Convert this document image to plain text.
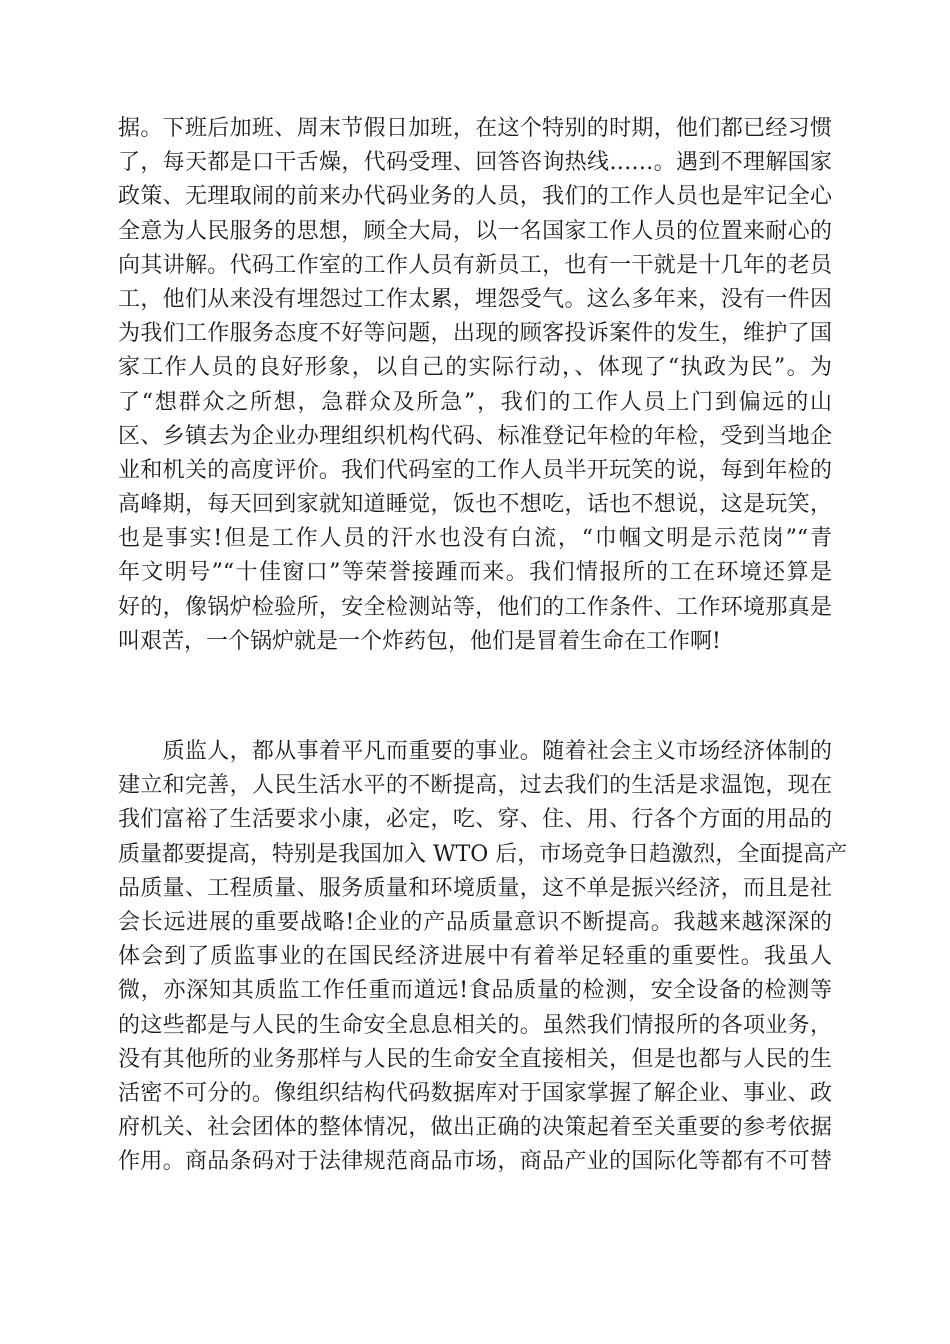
据。下班后加班、周末节假日加班，在这个特别的时期，他们都已经习惯
了，每天都是口干舌燥，代码受理、回答咨询热线……。遇到不理解国家
政策、无理取闹的前来办代码业务的人员，我们的工作人员也是牢记全心
全意为人民服务的思想，顾全大局，以一名国家工作人员的位置来耐心的
向其讲解。代码工作室的工作人员有新员工，也有一干就是十几年的老员
工，他们从来没有埋怨过工作太累，埋怨受气。这么多年来，没有一件因
为我们工作服务态度不好等问题，出现的顾客投诉案件的发生，维护了国
家工作人员的良好形象，以自己的实际行动，、体现了“执政为民”。为
了“想群众之所想，急群众及所急”，我们的工作人员上门到偏远的山
区、乡镇去为企业办理组织机构代码、标准登记年检的年检，受到当地企
业和机关的高度评价。我们代码室的工作人员半开玩笑的说，每到年检的
高峰期，每天回到家就知道睡觉，饭也不想吃，话也不想说，这是玩笑，
也是事实!但是工作人员的汗水也没有白流，“巾帼文明是示范岗”“青
年文明号”“十佳窗口”等荣誉接踵而来。我们情报所的工在环境还算是
好的，像锅炉检验所，安全检测站等，他们的工作条件、工作环境那真是
叫艰苦，一个锅炉就是一个炸药包，他们是冒着生命在工作啊!
　　质监人，都从事着平凡而重要的事业。随着社会主义市场经济体制的
建立和完善，人民生活水平的不断提高，过去我们的生活是求温饱，现在
我们富裕了生活要求小康，必定，吃、穿、住、用、行各个方面的用品的
质量都要提高，特别是我国加入 WTO 后，市场竞争日趋激烈，全面提高产
品质量、工程质量、服务质量和环境质量，这不单是振兴经济，而且是社
会长远进展的重要战略!企业的产品质量意识不断提高。我越来越深深的
体会到了质监事业的在国民经济进展中有着举足轻重的重要性。我虽人
微，亦深知其质监工作任重而道远!食品质量的检测，安全设备的检测等
的这些都是与人民的生命安全息息相关的。虽然我们情报所的各项业务，
没有其他所的业务那样与人民的生命安全直接相关，但是也都与人民的生
活密不可分的。像组织结构代码数据库对于国家掌握了解企业、事业、政
府机关、社会团体的整体情况，做出正确的决策起着至关重要的参考依据
作用。商品条码对于法律规范商品市场，商品产业的国际化等都有不可替
